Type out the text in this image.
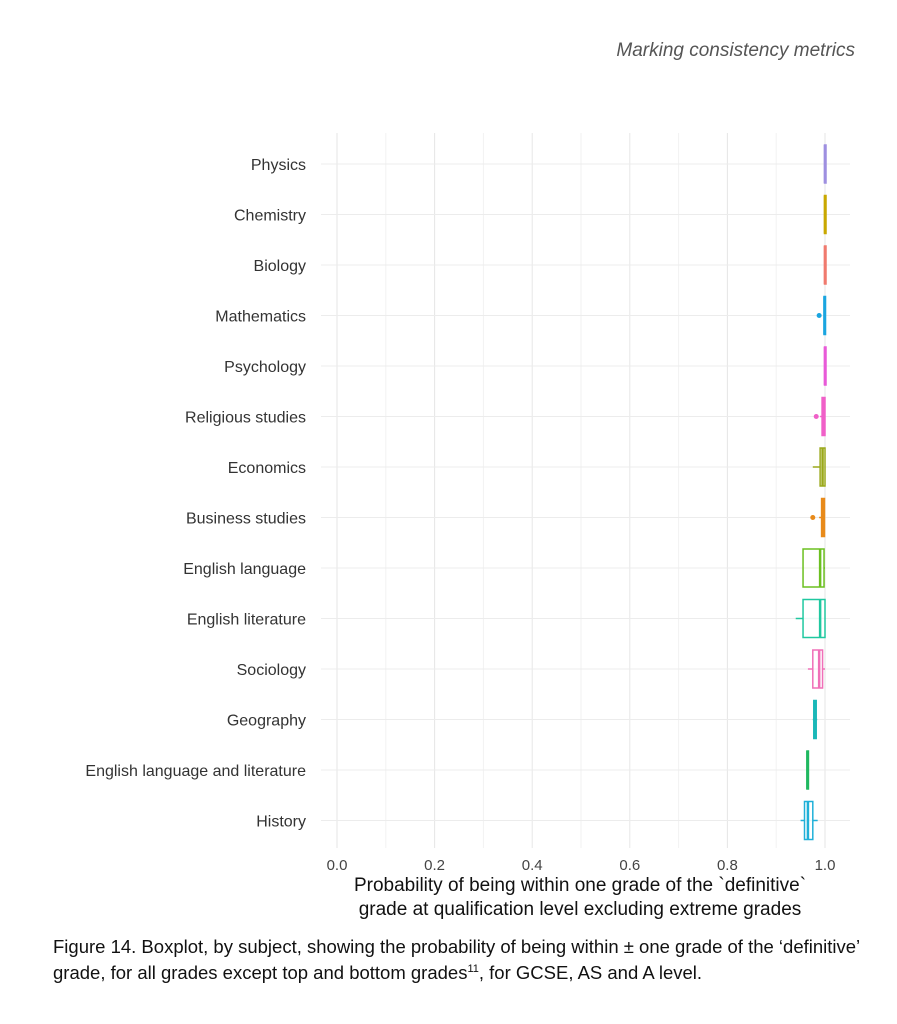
Marking consistency metrics
Physics
Chemistry
Biology
Mathematics
Psychology
Religious studies
Economics
Business studies
English language
English literature
Sociology
Geography
English language and literature
History
0.0	0.2	0.4	0.6	0.8	1.0
Probability of being within one grade of the `definitive`
grade at qualification level excluding extreme grades
Figure 14. Boxplot, by subject, showing the probability of being within ± one grade of the ‘definitive’ grade, for all grades except top and bottom grades$^{11}$, for GCSE, AS and A level.
